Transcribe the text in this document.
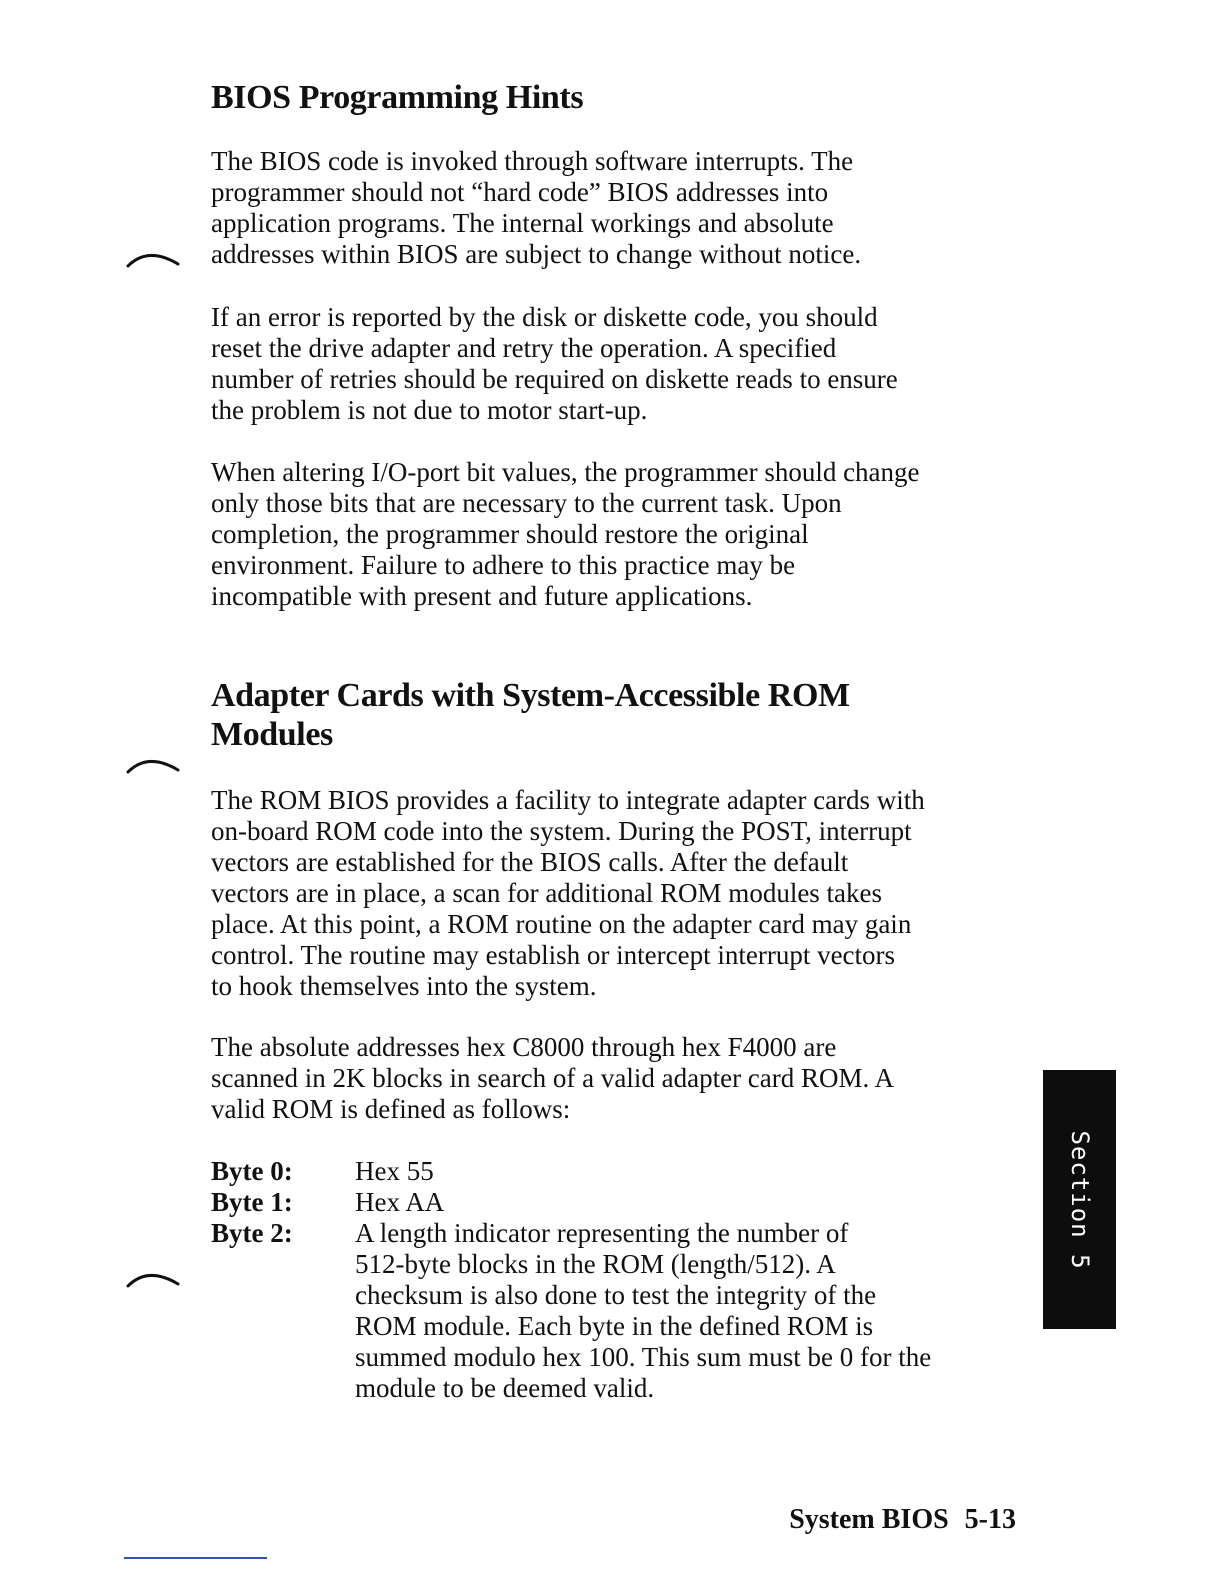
BIOS Programming Hints
The BIOS code is invoked through software interrupts. The
programmer should not “hard code” BIOS addresses into
application programs. The internal workings and absolute
addresses within BIOS are subject to change without notice.
If an error is reported by the disk or diskette code, you should
reset the drive adapter and retry the operation. A specified
number of retries should be required on diskette reads to ensure
the problem is not due to motor start-up.
When altering I/O-port bit values, the programmer should change
only those bits that are necessary to the current task. Upon
completion, the programmer should restore the original
environment. Failure to adhere to this practice may be
incompatible with present and future applications.
Adapter Cards with System-Accessible ROM
Modules
The ROM BIOS provides a facility to integrate adapter cards with
on-board ROM code into the system. During the POST, interrupt
vectors are established for the BIOS calls. After the default
vectors are in place, a scan for additional ROM modules takes
place. At this point, a ROM routine on the adapter card may gain
control. The routine may establish or intercept interrupt vectors
to hook themselves into the system.
The absolute addresses hex C8000 through hex F4000 are
scanned in 2K blocks in search of a valid adapter card ROM. A
valid ROM is defined as follows:
Byte 0:	Hex 55
Byte 1:	Hex AA
Byte 2:	A length indicator representing the number of
512-byte blocks in the ROM (length/512). A
checksum is also done to test the integrity of the
ROM module. Each byte in the defined ROM is
summed modulo hex 100. This sum must be 0 for the
module to be deemed valid.
Section 5
System BIOS 5-13
